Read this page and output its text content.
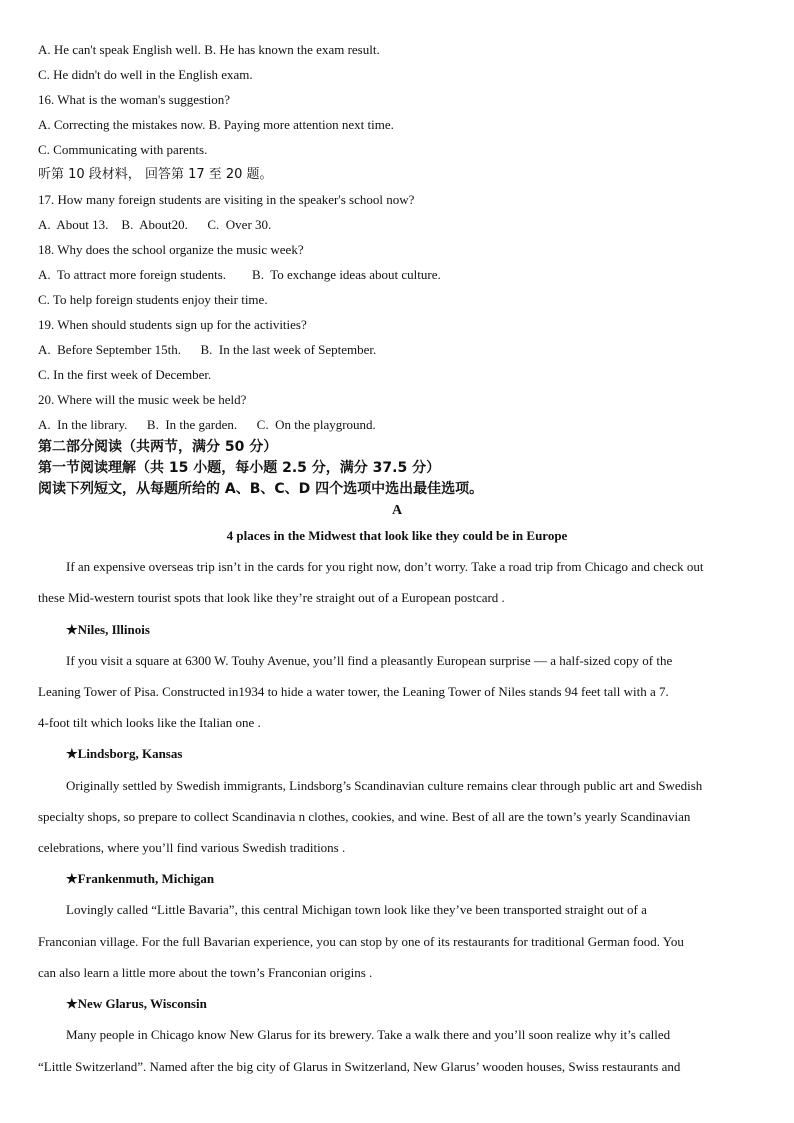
A. He can't speak English well. B. He has known the exam result.
C. He didn't do well in the English exam.
16. What is the woman's suggestion?
A. Correcting the mistakes now. B. Paying more attention next time.
C. Communicating with parents.
听第 10 段材料， 回答第 17 至 20 题。
17. How many foreign students are visiting in the speaker's school now?
A.  About 13.    B.  About20.      C.  Over 30.
18. Why does the school organize the music week?
A.  To attract more foreign students.        B.  To exchange ideas about culture.
C. To help foreign students enjoy their time.
19. When should students sign up for the activities?
A.  Before September 15th.      B.  In the last week of September.
C. In the first week of December.
20. Where will the music week be held?
A.  In the library.      B.  In the garden.      C.  On the playground.
第二部分阅读（共两节，满分 50 分）
第一节阅读理解（共 15 小题，每小题 2.5 分，满分 37.5 分）
阅读下列短文，从每题所给的 A、B、C、D 四个选项中选出最佳选项。
A
4 places in the Midwest that look like they could be in Europe
If an expensive overseas trip isn’t in the cards for you right now, don’t worry. Take a road trip from Chicago and check out
these Mid-western tourist spots that look like they’re straight out of a European postcard .
★Niles, Illinois
If you visit a square at 6300 W. Touhy Avenue, you’ll find a pleasantly European surprise — a half-sized copy of the
Leaning Tower of Pisa. Constructed in1934 to hide a water tower, the Leaning Tower of Niles stands 94 feet tall with a 7.
4-foot tilt which looks like the Italian one .
★Lindsborg, Kansas
Originally settled by Swedish immigrants, Lindsborg’s Scandinavian culture remains clear through public art and Swedish
specialty shops, so prepare to collect Scandinavia n clothes, cookies, and wine. Best of all are the town’s yearly Scandinavian
celebrations, where you’ll find various Swedish traditions .
★Frankenmuth, Michigan
Lovingly called “Little Bavaria”, this central Michigan town look like they’ve been transported straight out of a
Franconian village. For the full Bavarian experience, you can stop by one of its restaurants for traditional German food. You
can also learn a little more about the town’s Franconian origins .
★New Glarus, Wisconsin
Many people in Chicago know New Glarus for its brewery. Take a walk there and you’ll soon realize why it’s called
“Little Switzerland”. Named after the big city of Glarus in Switzerland, New Glarus’ wooden houses, Swiss restaurants and
